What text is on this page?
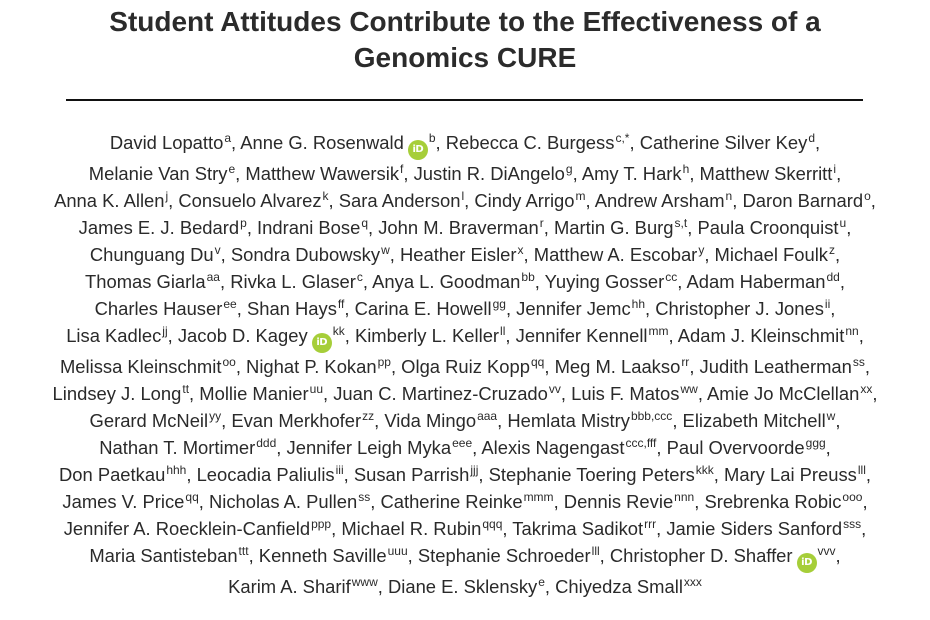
Student Attitudes Contribute to the Effectiveness of a
Genomics CURE
David Lopatto$^a$, Anne G. Rosenwald $iD^b$, Rebecca C. Burgess$^{c,*}$, Catherine Silver Key$^d$, Melanie Van Stry$^e$, Matthew Wawersik$^f$, Justin R. DiAngelo$^g$, Amy T. Hark$^h$, Matthew Skerritt$^i$, Anna K. Allen$^j$, Consuelo Alvarez$^k$, Sara Anderson$^l$, Cindy Arrigo$^m$, Andrew Arsham$^n$, Daron Barnard$^o$, James E. J. Bedard$^p$, Indrani Bose$^q$, John M. Braverman$^r$, Martin G. Burg$^{s,t}$, Paula Croonquist$^u$, Chunguang Du$^v$, Sondra Dubowsky$^w$, Heather Eisler$^x$, Matthew A. Escobar$^y$, Michael Foulk$^z$, Thomas Giarla$^{aa}$, Rivka L. Glaser$^c$, Anya L. Goodman$^{bb}$, Yuying Gosser$^{cc}$, Adam Haberman$^{dd}$, Charles Hauser$^{ee}$, Shan Hays$^{ff}$, Carina E. Howell$^{gg}$, Jennifer Jemc$^{hh}$, Christopher J. Jones$^{ii}$, Lisa Kadlec$^{jj}$, Jacob D. Kagey $iD^{kk}$, Kimberly L. Keller$^{ll}$, Jennifer Kennell$^{mm}$, Adam J. Kleinschmit$^{nn}$, Melissa Kleinschmit$^{oo}$, Nighat P. Kokan$^{pp}$, Olga Ruiz Kopp$^{qq}$, Meg M. Laakso$^{rr}$, Judith Leatherman$^{ss}$, Lindsey J. Long$^{tt}$, Mollie Manier$^{uu}$, Juan C. Martinez-Cruzado$^{vv}$, Luis F. Matos$^{ww}$, Amie Jo McClellan$^{xx}$, Gerard McNeil$^{yy}$, Evan Merkhofer$^{zz}$, Vida Mingo$^{aaa}$, Hemlata Mistry$^{bbb,ccc}$, Elizabeth Mitchell$^w$, Nathan T. Mortimer$^{ddd}$, Jennifer Leigh Myka$^{eee}$, Alexis Nagengast$^{ccc,fff}$, Paul Overvoorde$^{ggg}$, Don Paetkau$^{hhh}$, Leocadia Paliulis$^{iii}$, Susan Parrish$^{jjj}$, Stephanie Toering Peters$^{kkk}$, Mary Lai Preuss$^{lll}$, James V. Price$^{qq}$, Nicholas A. Pullen$^{ss}$, Catherine Reinke$^{mmm}$, Dennis Revie$^{nnn}$, Srebrenka Robic$^{ooo}$, Jennifer A. Roecklein-Canfield$^{ppp}$, Michael R. Rubin$^{qqq}$, Takrima Sadikot$^{rrr}$, Jamie Siders Sanford$^{sss}$, Maria Santisteban$^{ttt}$, Kenneth Saville$^{uuu}$, Stephanie Schroeder$^{lll}$, Christopher D. Shaffer $iD^{vvv}$, Karim A. Sharif$^{www}$, Diane E. Sklensky$^e$, Chiyedza Small$^{xxx}$
